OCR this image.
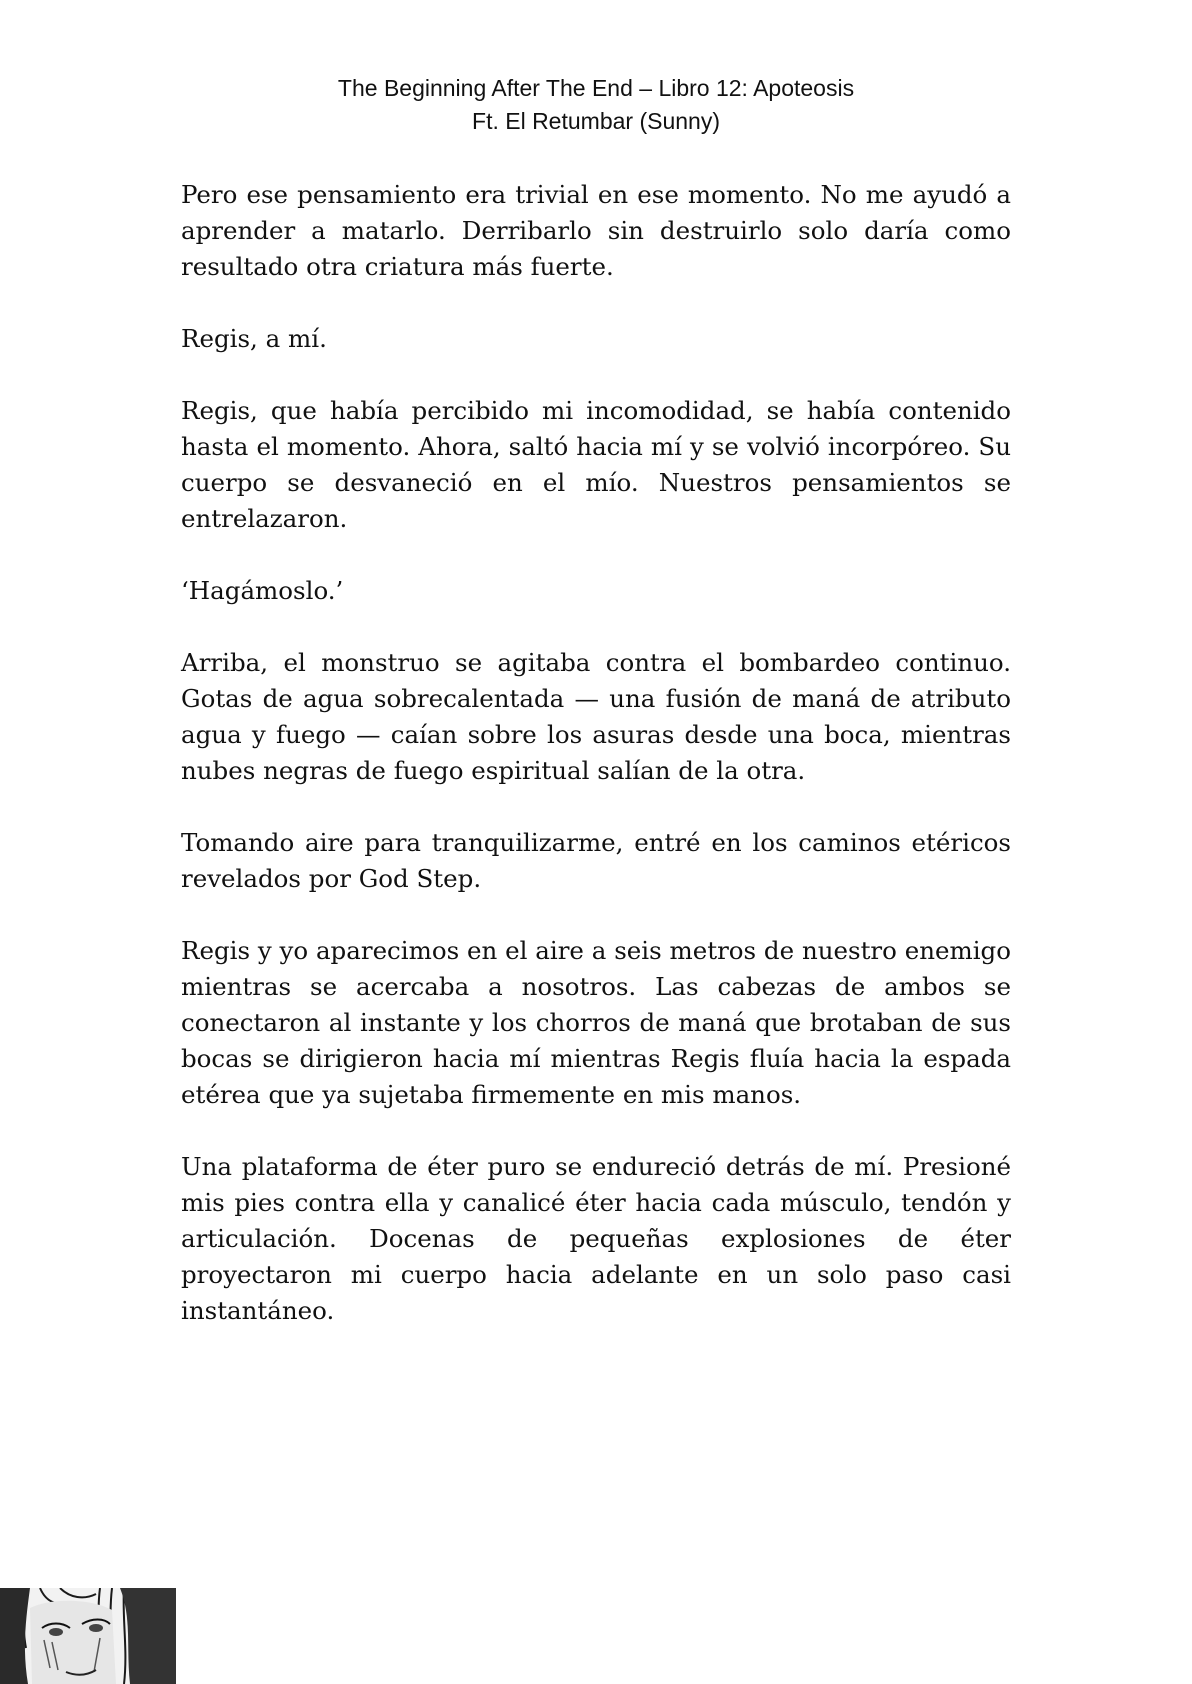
The Beginning After The End – Libro 12: Apoteosis
Ft. El Retumbar (Sunny)

Pero ese pensamiento era trivial en ese momento. No me ayudó a aprender a matarlo. Derribarlo sin destruirlo solo daría como resultado otra criatura más fuerte.

Regis, a mí.

Regis, que había percibido mi incomodidad, se había contenido hasta el momento. Ahora, saltó hacia mí y se volvió incorpóreo. Su cuerpo se desvaneció en el mío. Nuestros pensamientos se entrelazaron.

‘Hagámoslo.’

Arriba, el monstruo se agitaba contra el bombardeo continuo. Gotas de agua sobrecalentada — una fusión de maná de atributo agua y fuego — caían sobre los asuras desde una boca, mientras nubes negras de fuego espiritual salían de la otra.

Tomando aire para tranquilizarme, entré en los caminos etéricos revelados por God Step.

Regis y yo aparecimos en el aire a seis metros de nuestro enemigo mientras se acercaba a nosotros. Las cabezas de ambos se conectaron al instante y los chorros de maná que brotaban de sus bocas se dirigieron hacia mí mientras Regis fluía hacia la espada etérea que ya sujetaba firmemente en mis manos.

Una plataforma de éter puro se endureció detrás de mí. Presioné mis pies contra ella y canalicé éter hacia cada músculo, tendón y articulación. Docenas de pequeñas explosiones de éter proyectaron mi cuerpo hacia adelante en un solo paso casi instantáneo.
